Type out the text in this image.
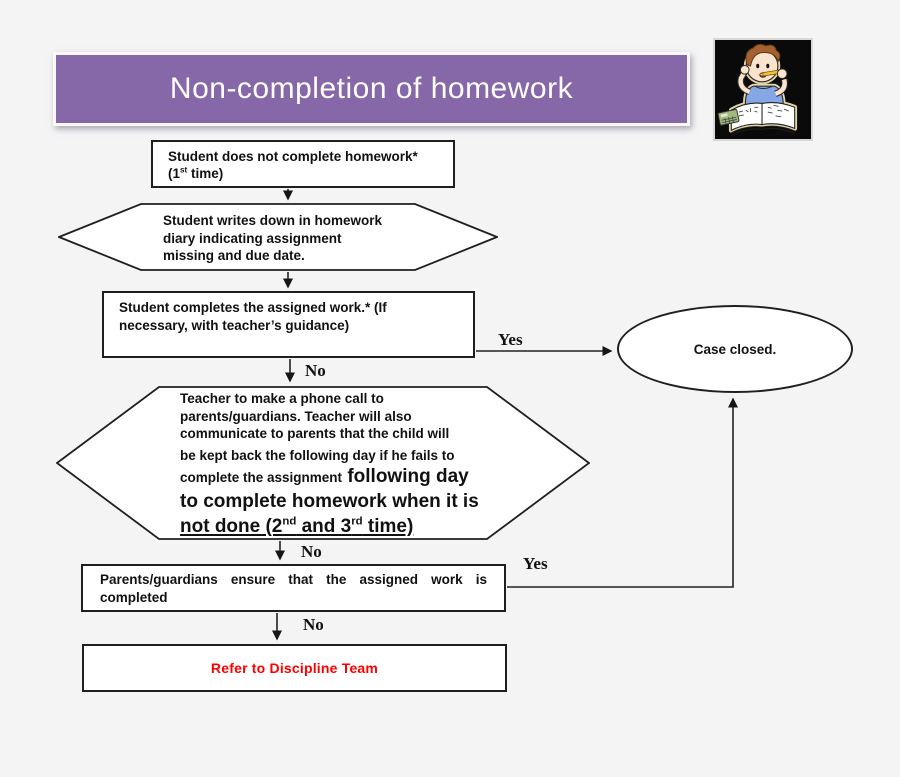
Non-completion of homework
Student does not complete homework*
(1st time)
Student writes down in homework
diary indicating assignment
missing and due date.
Student completes the assigned work.* (If necessary, with teacher’s guidance)
Case closed.
Teacher to make a phone call to
parents/guardians. Teacher will also
communicate to parents that the child will
be kept back the following day if he fails to
complete the assignment following day
to complete homework when it is
not done (2nd and 3rd time)
Parents/guardians ensure that the assigned work is completed
Refer to Discipline Team
Yes
No
No
Yes
No
